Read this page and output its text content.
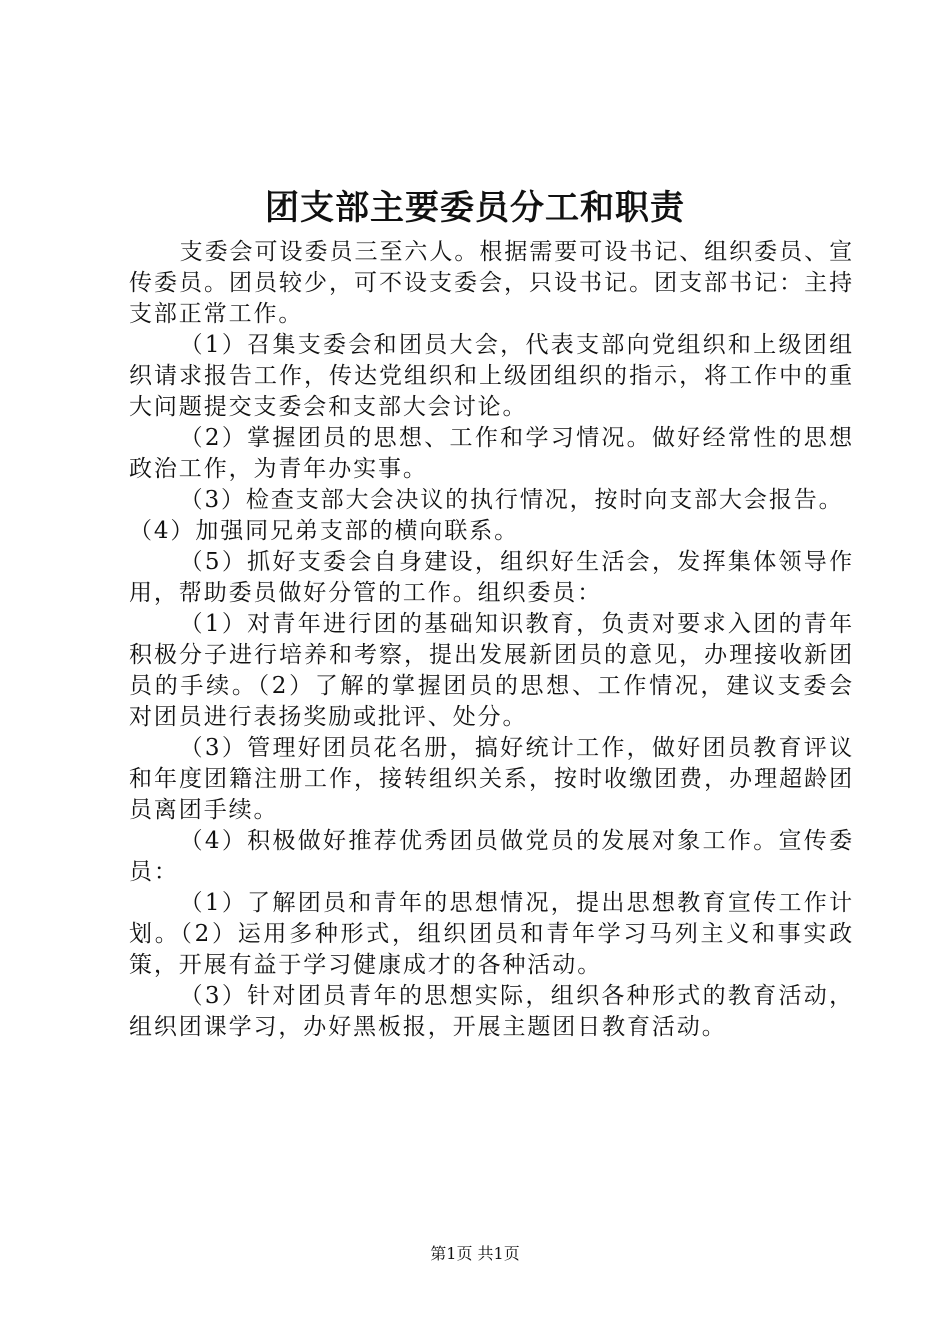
团支部主要委员分工和职责

支委会可设委员三至六人。根据需要可设书记、组织委员、宣传委员。团员较少，可不设支委会，只设书记。团支部书记：主持支部正常工作。

（1）召集支委会和团员大会，代表支部向党组织和上级团组织请求报告工作，传达党组织和上级团组织的指示，将工作中的重大问题提交支委会和支部大会讨论。

（2）掌握团员的思想、工作和学习情况。做好经常性的思想政治工作，为青年办实事。

（3）检查支部大会决议的执行情况，按时向支部大会报告。

（4）加强同兄弟支部的横向联系。

（5）抓好支委会自身建设，组织好生活会，发挥集体领导作用，帮助委员做好分管的工作。组织委员：

（1）对青年进行团的基础知识教育，负责对要求入团的青年积极分子进行培养和考察，提出发展新团员的意见，办理接收新团员的手续。（2）了解的掌握团员的思想、工作情况，建议支委会对团员进行表扬奖励或批评、处分。

（3）管理好团员花名册，搞好统计工作，做好团员教育评议和年度团籍注册工作，接转组织关系，按时收缴团费，办理超龄团员离团手续。

（4）积极做好推荐优秀团员做党员的发展对象工作。宣传委员：

（1）了解团员和青年的思想情况，提出思想教育宣传工作计划。（2）运用多种形式，组织团员和青年学习马列主义和事实政策，开展有益于学习健康成才的各种活动。

（3）针对团员青年的思想实际，组织各种形式的教育活动，组织团课学习，办好黑板报，开展主题团日教育活动。

第1页 共1页
